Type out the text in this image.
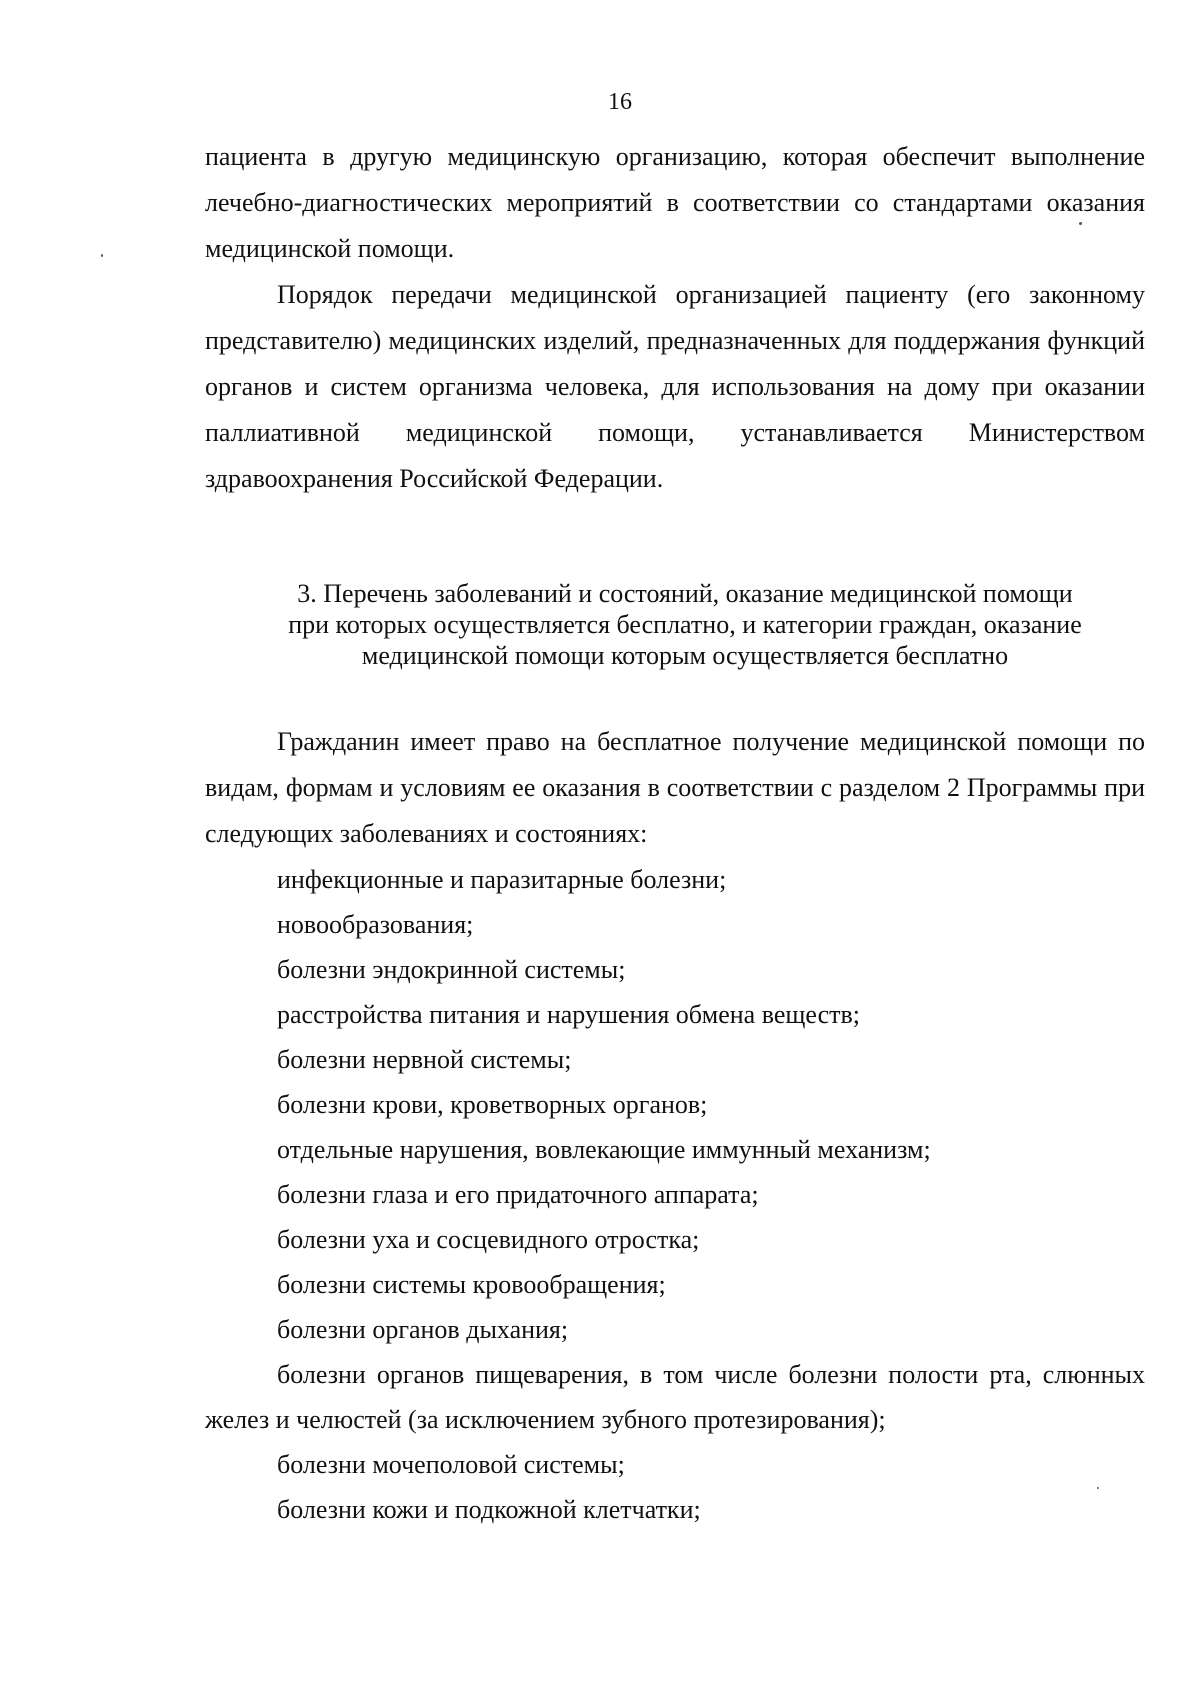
16

пациента в другую медицинскую организацию, которая обеспечит выполнение лечебно-диагностических мероприятий в соответствии со стандартами оказания медицинской помощи.

Порядок передачи медицинской организацией пациенту (его законному представителю) медицинских изделий, предназначенных для поддержания функций органов и систем организма человека, для использования на дому при оказании паллиативной медицинской помощи, устанавливается Министерством здравоохранения Российской Федерации.

3. Перечень заболеваний и состояний, оказание медицинской помощи
при которых осуществляется бесплатно, и категории граждан, оказание
медицинской помощи которым осуществляется бесплатно

Гражданин имеет право на бесплатное получение медицинской помощи по видам, формам и условиям ее оказания в соответствии с разделом 2 Программы при следующих заболеваниях и состояниях:

инфекционные и паразитарные болезни;
новообразования;
болезни эндокринной системы;
расстройства питания и нарушения обмена веществ;
болезни нервной системы;
болезни крови, кроветворных органов;
отдельные нарушения, вовлекающие иммунный механизм;
болезни глаза и его придаточного аппарата;
болезни уха и сосцевидного отростка;
болезни системы кровообращения;
болезни органов дыхания;
болезни органов пищеварения, в том числе болезни полости рта, слюнных желез и челюстей (за исключением зубного протезирования);
болезни мочеполовой системы;
болезни кожи и подкожной клетчатки;
